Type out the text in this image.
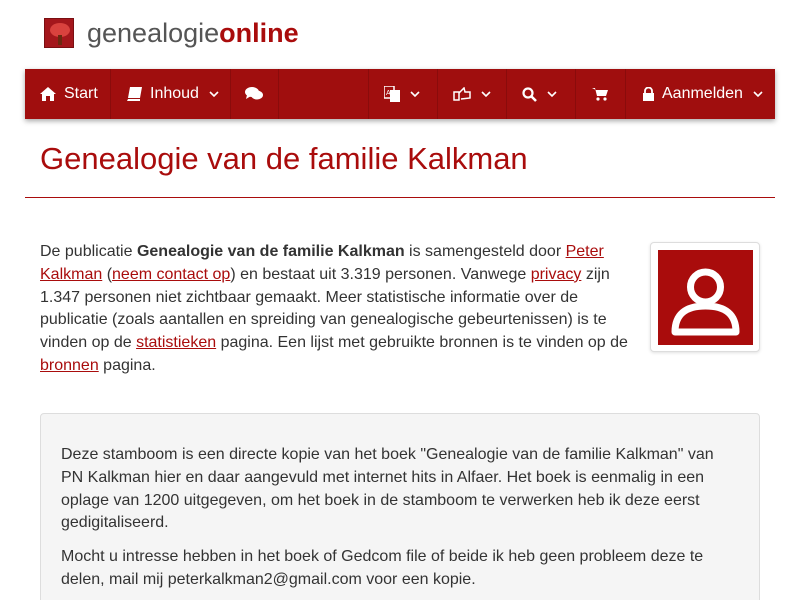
genealogieonline
Start	Inhoud	A	Aanmelden
Genealogie van de familie Kalkman

De publicatie Genealogie van de familie Kalkman is samengesteld door Peter Kalkman (neem contact op) en bestaat uit 3.319 personen. Vanwege privacy zijn 1.347 personen niet zichtbaar gemaakt. Meer statistische informatie over de publicatie (zoals aantallen en spreiding van genealogische gebeurtenissen) is te vinden op de statistieken pagina. Een lijst met gebruikte bronnen is te vinden op de bronnen pagina.

Deze stamboom is een directe kopie van het boek "Genealogie van de familie Kalkman" van PN Kalkman hier en daar aangevuld met internet hits in Alfaer. Het boek is eenmalig in een oplage van 1200 uitgegeven, om het boek in de stamboom te verwerken heb ik deze eerst gedigitaliseerd.

Mocht u intresse hebben in het boek of Gedcom file of beide ik heb geen probleem deze te delen, mail mij peterkalkman2@gmail.com voor een kopie.
